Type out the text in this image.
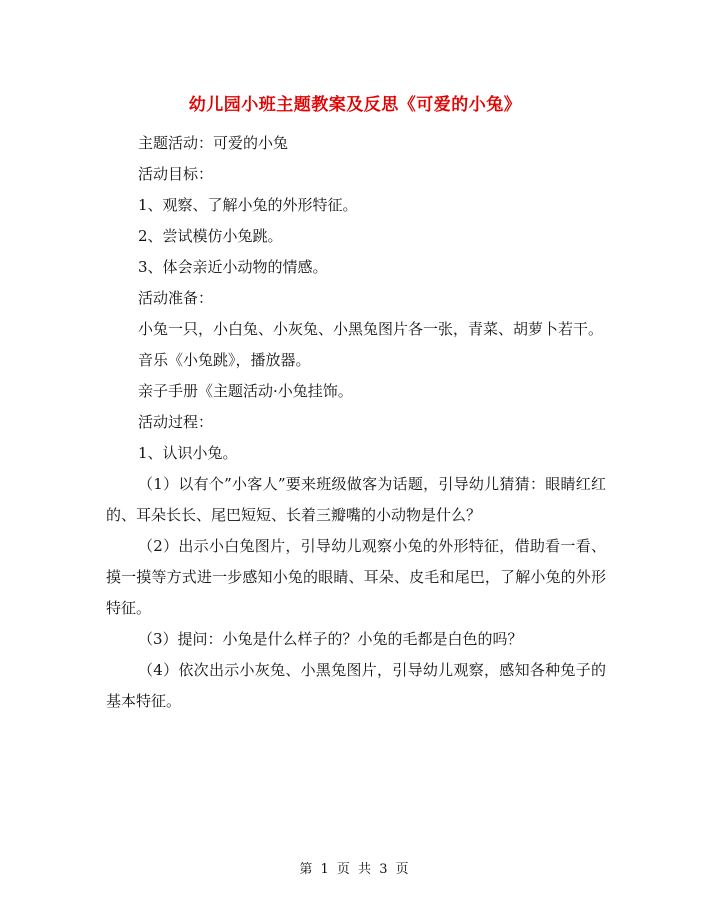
幼儿园小班主题教案及反思《可爱的小兔》

主题活动：可爱的小兔

活动目标：

1、观察、了解小兔的外形特征。

2、尝试模仿小兔跳。

3、体会亲近小动物的情感。

活动准备：

小兔一只，小白兔、小灰兔、小黑兔图片各一张，青菜、胡萝卜若干。

音乐《小兔跳》，播放器。

亲子手册《主题活动·小兔挂饰。

活动过程：

1、认识小兔。

（1）以有个”小客人”要来班级做客为话题，引导幼儿猜猜：眼睛红红的、耳朵长长、尾巴短短、长着三瓣嘴的小动物是什么？

（2）出示小白兔图片，引导幼儿观察小兔的外形特征，借助看一看、摸一摸等方式进一步感知小兔的眼睛、耳朵、皮毛和尾巴，了解小兔的外形特征。

（3）提问：小兔是什么样子的？小兔的毛都是白色的吗？

（4）依次出示小灰兔、小黑兔图片，引导幼儿观察，感知各种兔子的基本特征。

第 1 页 共 3 页
